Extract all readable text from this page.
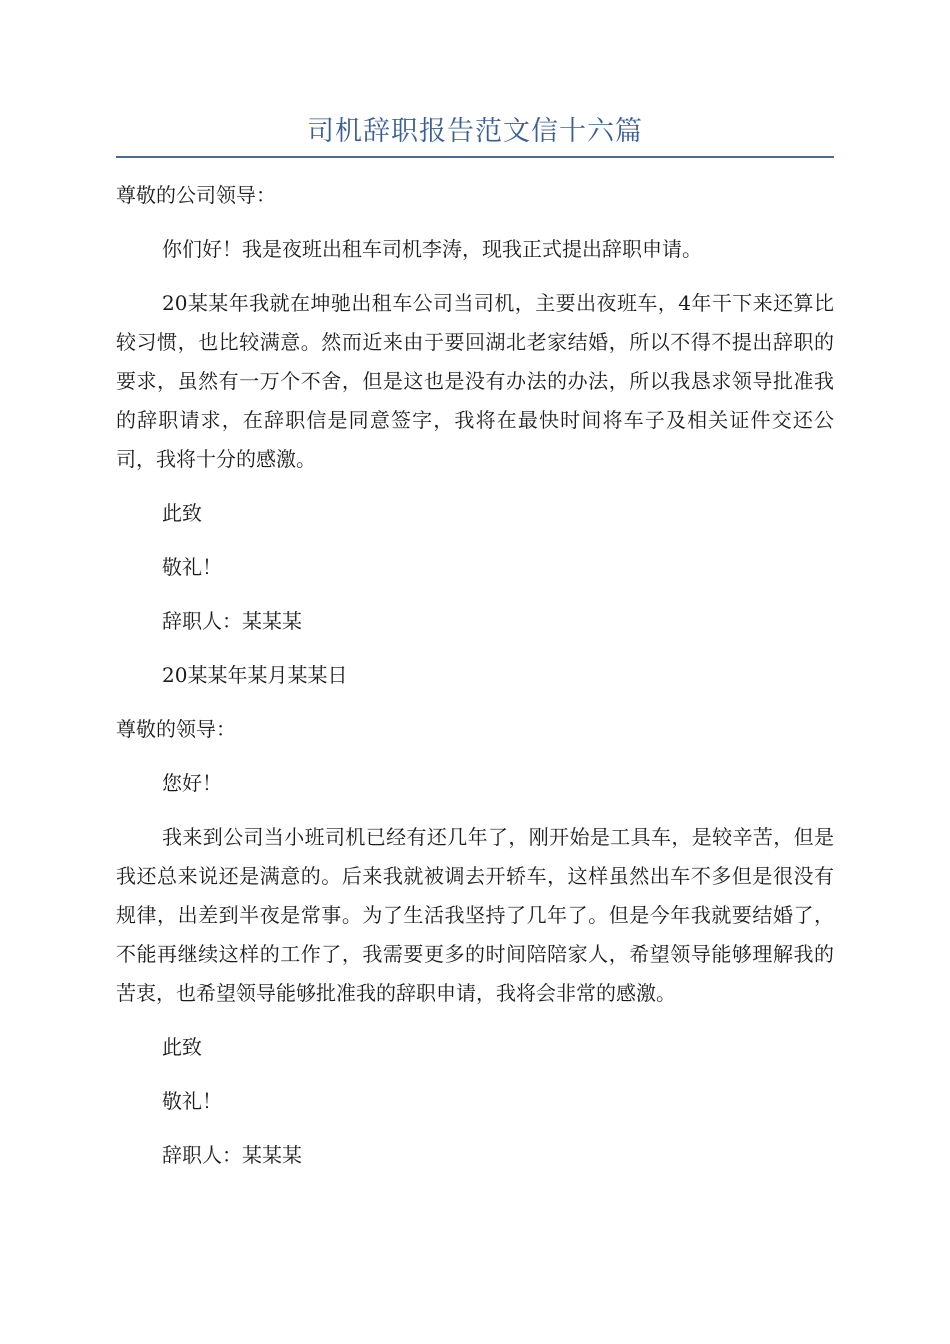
司机辞职报告范文信十六篇

尊敬的公司领导：

你们好！我是夜班出租车司机李涛，现我正式提出辞职申请。

20某某年我就在坤驰出租车公司当司机，主要出夜班车，4年干下来还算比较习惯，也比较满意。然而近来由于要回湖北老家结婚，所以不得不提出辞职的要求，虽然有一万个不舍，但是这也是没有办法的办法，所以我恳求领导批准我的辞职请求，在辞职信是同意签字，我将在最快时间将车子及相关证件交还公司，我将十分的感激。

此致

敬礼！

辞职人：某某某

20某某年某月某某日

尊敬的领导：

您好！

我来到公司当小班司机已经有还几年了，刚开始是工具车，是较辛苦，但是我还总来说还是满意的。后来我就被调去开轿车，这样虽然出车不多但是很没有规律，出差到半夜是常事。为了生活我坚持了几年了。但是今年我就要结婚了，不能再继续这样的工作了，我需要更多的时间陪陪家人，希望领导能够理解我的苦衷，也希望领导能够批准我的辞职申请，我将会非常的感激。

此致

敬礼！

辞职人：某某某
